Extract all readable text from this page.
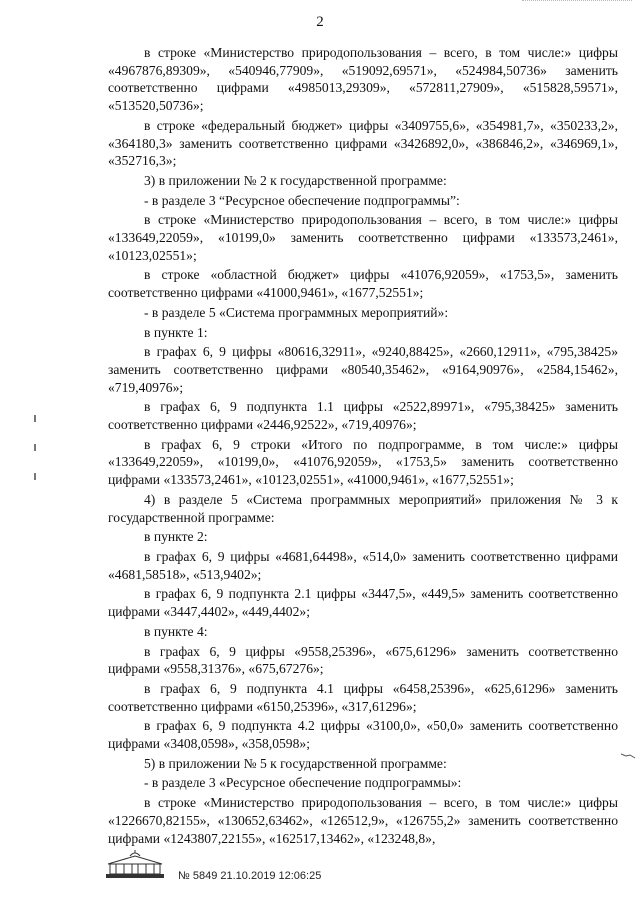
2

в строке «Министерство природопользования – всего, в том числе:» цифры «4967876,89309», «540946,77909», «519092,69571», «524984,50736» заменить соответственно цифрами «4985013,29309», «572811,27909», «515828,59571», «513520,50736»;

в строке «федеральный бюджет» цифры «3409755,6», «354981,7», «350233,2», «364180,3» заменить соответственно цифрами «3426892,0», «386846,2», «346969,1», «352716,3»;

3) в приложении № 2 к государственной программе:

- в разделе 3 “Ресурсное обеспечение подпрограммы”:

в строке «Министерство природопользования – всего, в том числе:» цифры «133649,22059», «10199,0» заменить соответственно цифрами «133573,2461», «10123,02551»;

в строке «областной бюджет» цифры «41076,92059», «1753,5», заменить соответственно цифрами «41000,9461», «1677,52551»;

- в разделе 5 «Система программных мероприятий»:

в пункте 1:

в графах 6, 9 цифры «80616,32911», «9240,88425», «2660,12911», «795,38425» заменить соответственно цифрами «80540,35462», «9164,90976», «2584,15462», «719,40976»;

в графах 6, 9 подпункта 1.1 цифры «2522,89971», «795,38425» заменить соответственно цифрами «2446,92522», «719,40976»;

в графах 6, 9 строки «Итого по подпрограмме, в том числе:» цифры «133649,22059», «10199,0», «41076,92059», «1753,5» заменить соответственно цифрами «133573,2461», «10123,02551», «41000,9461», «1677,52551»;

4) в разделе 5 «Система программных мероприятий» приложения № 3 к государственной программе:

в пункте 2:

в графах 6, 9 цифры «4681,64498», «514,0» заменить соответственно цифрами «4681,58518», «513,9402»;

в графах 6, 9 подпункта 2.1 цифры «3447,5», «449,5» заменить соответственно цифрами «3447,4402», «449,4402»;

в пункте 4:

в графах 6, 9 цифры «9558,25396», «675,61296» заменить соответственно цифрами «9558,31376», «675,67276»;

в графах 6, 9 подпункта 4.1 цифры «6458,25396», «625,61296» заменить соответственно цифрами «6150,25396», «317,61296»;

в графах 6, 9 подпункта 4.2 цифры «3100,0», «50,0» заменить соответственно цифрами «3408,0598», «358,0598»;

5) в приложении № 5 к государственной программе:

- в разделе 3 «Ресурсное обеспечение подпрограммы»:

в строке «Министерство природопользования – всего, в том числе:» цифры «1226670,82155», «130652,63462», «126512,9», «126755,2» заменить соответственно цифрами «1243807,22155», «162517,13462», «123248,8»,

№ 5849 21.10.2019 12:06:25
